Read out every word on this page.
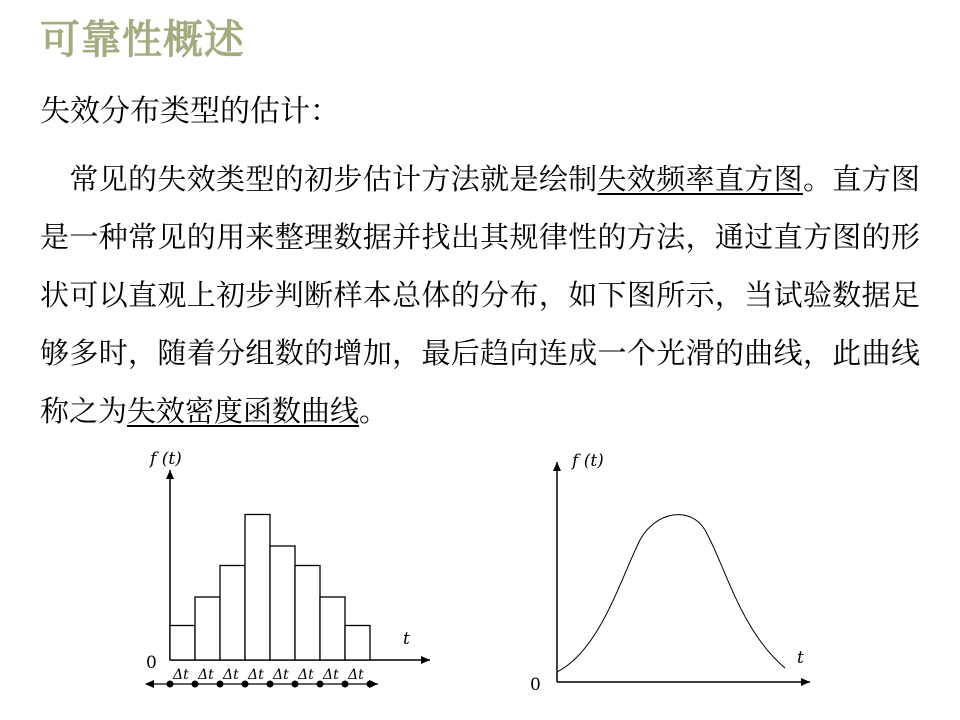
可靠性概述
失效分布类型的估计：
常见的失效类型的初步估计方法就是绘制失效频率直方图。直方图是一种常见的用来整理数据并找出其规律性的方法，通过直方图的形状可以直观上初步判断样本总体的分布，如下图所示，当试验数据足够多时，随着分组数的增加，最后趋向连成一个光滑的曲线，此曲线称之为失效密度函数曲线。
Δt Δt Δt Δt Δt Δt Δt Δt
f (t)
t
0
f (t)
t
0
